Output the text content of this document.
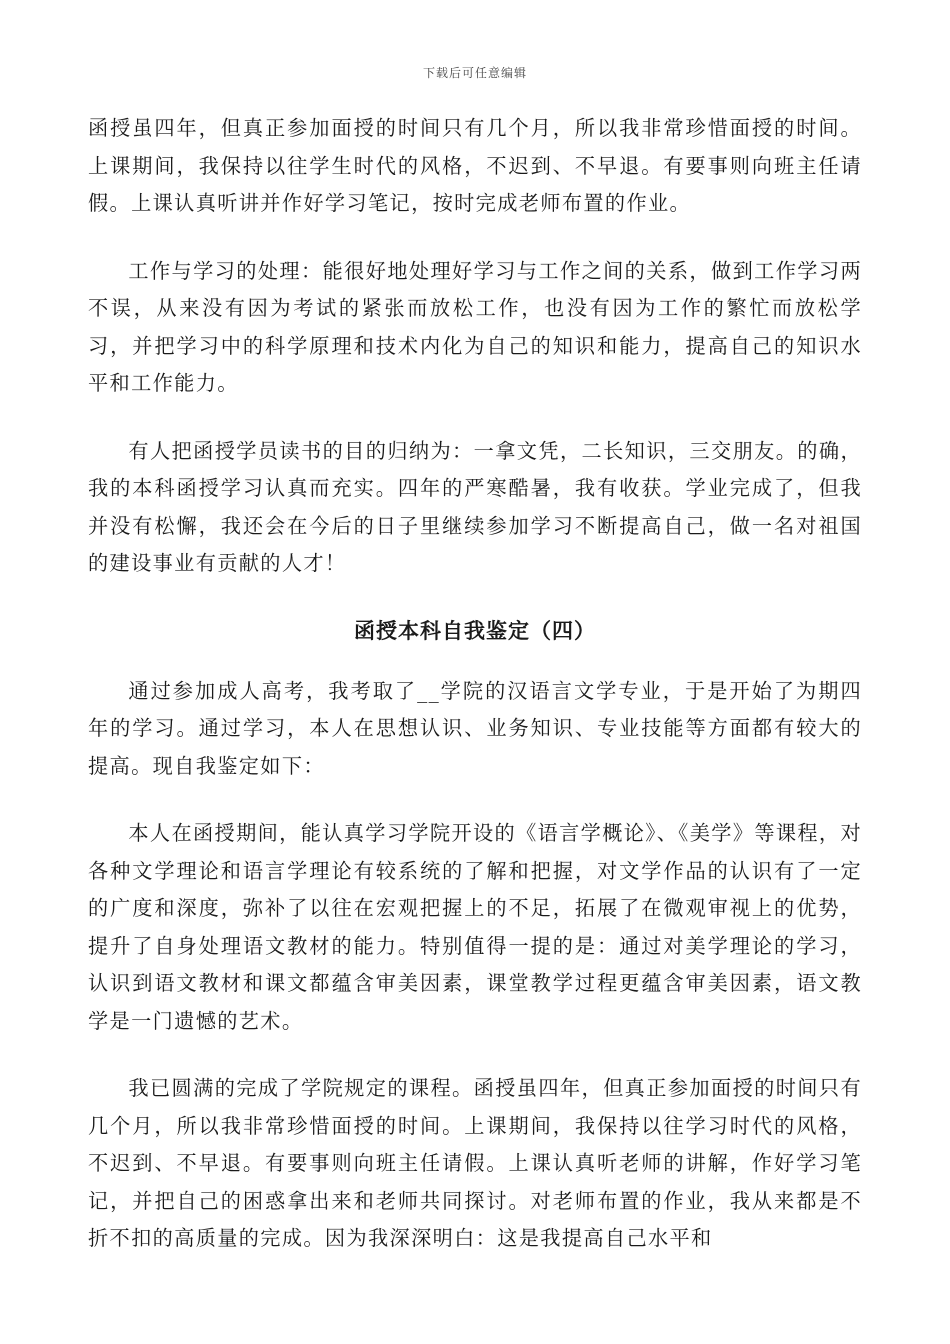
下载后可任意编辑

函授虽四年，但真正参加面授的时间只有几个月，所以我非常珍惜面授的时间。上课期间，我保持以往学生时代的风格，不迟到、不早退。有要事则向班主任请假。上课认真听讲并作好学习笔记，按时完成老师布置的作业。

工作与学习的处理：能很好地处理好学习与工作之间的关系，做到工作学习两不误，从来没有因为考试的紧张而放松工作，也没有因为工作的繁忙而放松学习，并把学习中的科学原理和技术内化为自己的知识和能力，提高自己的知识水平和工作能力。

有人把函授学员读书的目的归纳为：一拿文凭，二长知识，三交朋友。的确，我的本科函授学习认真而充实。四年的严寒酷暑，我有收获。学业完成了，但我并没有松懈，我还会在今后的日子里继续参加学习不断提高自己，做一名对祖国的建设事业有贡献的人才！

函授本科自我鉴定（四）

通过参加成人高考，我考取了__学院的汉语言文学专业，于是开始了为期四年的学习。通过学习，本人在思想认识、业务知识、专业技能等方面都有较大的提高。现自我鉴定如下：

本人在函授期间，能认真学习学院开设的《语言学概论》、《美学》等课程，对各种文学理论和语言学理论有较系统的了解和把握，对文学作品的认识有了一定的广度和深度，弥补了以往在宏观把握上的不足，拓展了在微观审视上的优势，提升了自身处理语文教材的能力。特别值得一提的是：通过对美学理论的学习，认识到语文教材和课文都蕴含审美因素，课堂教学过程更蕴含审美因素，语文教学是一门遗憾的艺术。

我已圆满的完成了学院规定的课程。函授虽四年，但真正参加面授的时间只有几个月，所以我非常珍惜面授的时间。上课期间，我保持以往学习时代的风格，不迟到、不早退。有要事则向班主任请假。上课认真听老师的讲解，作好学习笔记，并把自己的困惑拿出来和老师共同探讨。对老师布置的作业，我从来都是不折不扣的高质量的完成。因为我深深明白：这是我提高自己水平和
